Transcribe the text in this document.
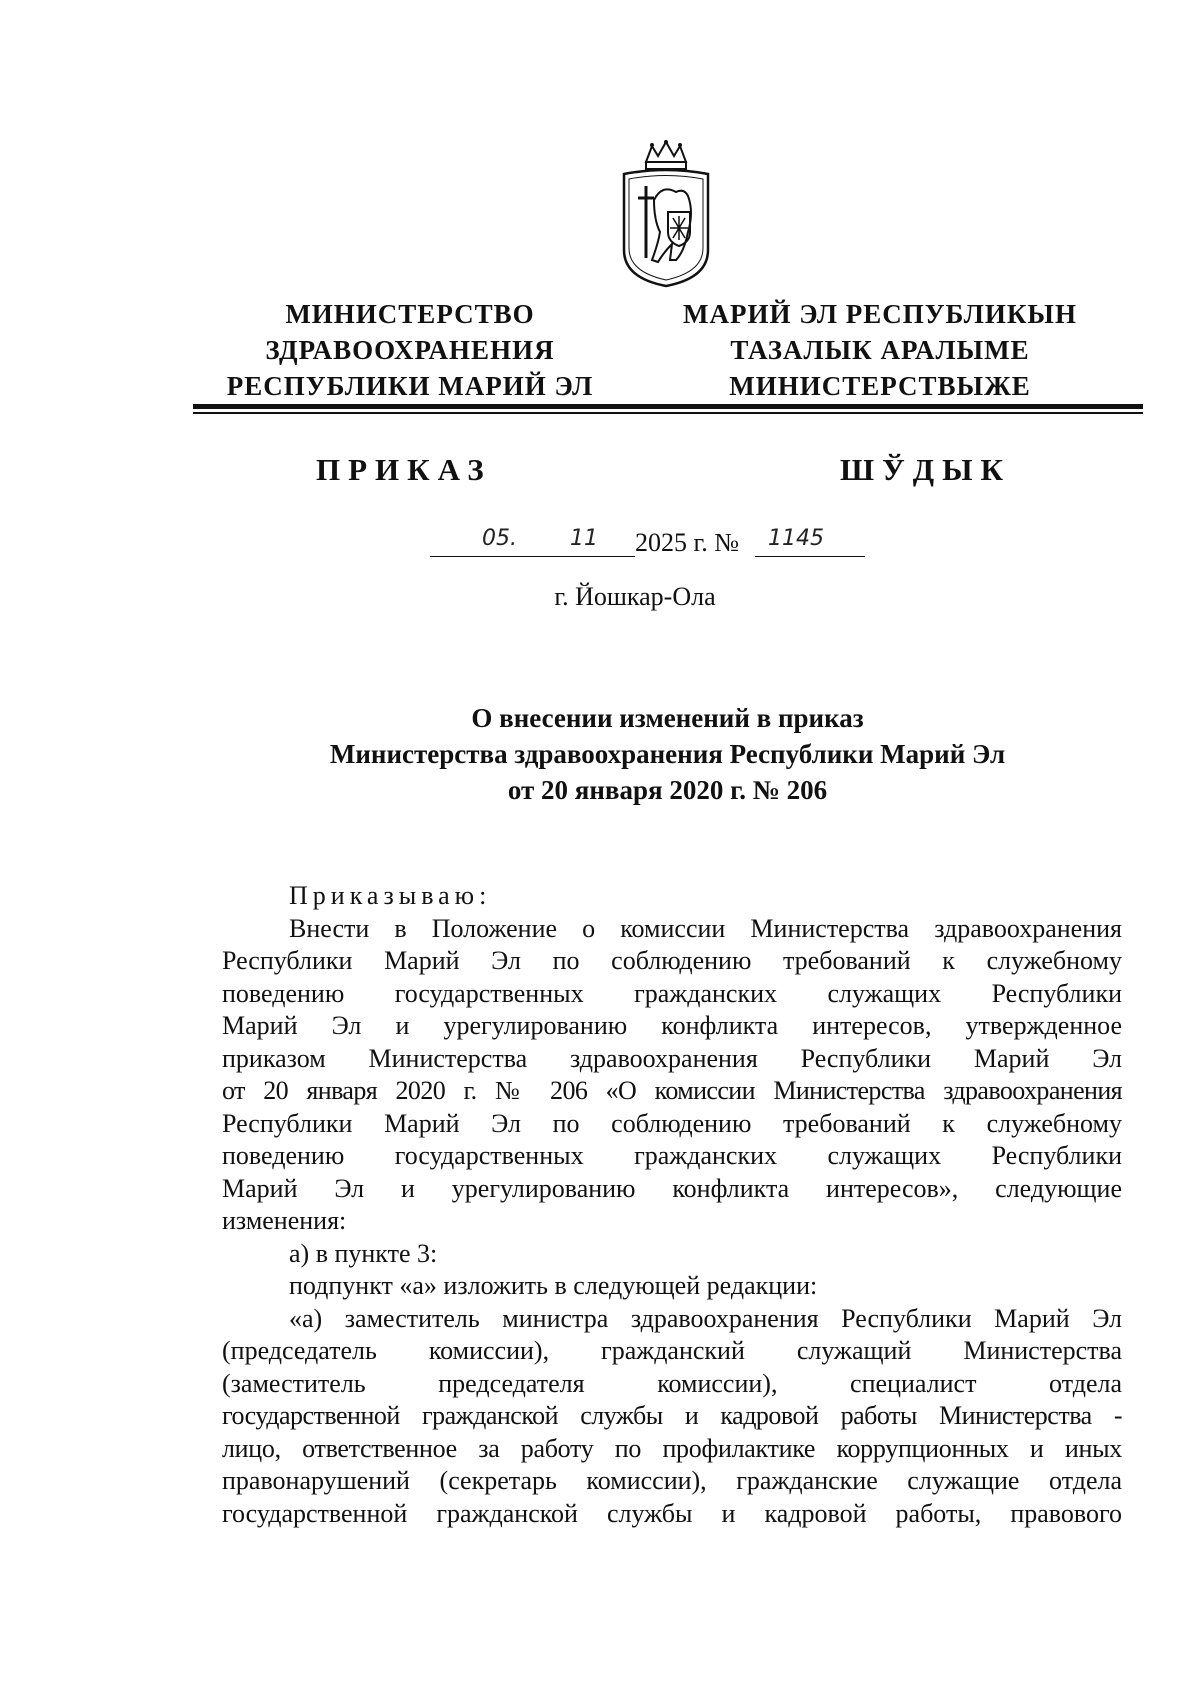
МИНИСТЕРСТВО
ЗДРАВООХРАНЕНИЯ
РЕСПУБЛИКИ МАРИЙ ЭЛ
МАРИЙ ЭЛ РЕСПУБЛИКЫН
ТАЗАЛЫК АРАЛЫМЕ
МИНИСТЕРСТВЫЖЕ
ПРИКАЗ	ШЎДЫК
05. 11 2025 г. № 1145
г. Йошкар-Ола
О внесении изменений в приказ
Министерства здравоохранения Республики Марий Эл
от 20 января 2020 г. № 206
Приказываю:
Внести в Положение о комиссии Министерства здравоохранения
Республики Марий Эл по соблюдению требований к служебному
поведению государственных гражданских служащих Республики
Марий Эл и урегулированию конфликта интересов, утвержденное
приказом Министерства здравоохранения Республики Марий Эл
от 20 января 2020 г. № 206 «О комиссии Министерства здравоохранения
Республики Марий Эл по соблюдению требований к служебному
поведению государственных гражданских служащих Республики
Марий Эл и урегулированию конфликта интересов», следующие
изменения:
а) в пункте 3:
подпункт «а» изложить в следующей редакции:
«а) заместитель министра здравоохранения Республики Марий Эл
(председатель комиссии), гражданский служащий Министерства
(заместитель председателя комиссии), специалист отдела
государственной гражданской службы и кадровой работы Министерства -
лицо, ответственное за работу по профилактике коррупционных и иных
правонарушений (секретарь комиссии), гражданские служащие отдела
государственной гражданской службы и кадровой работы, правового
